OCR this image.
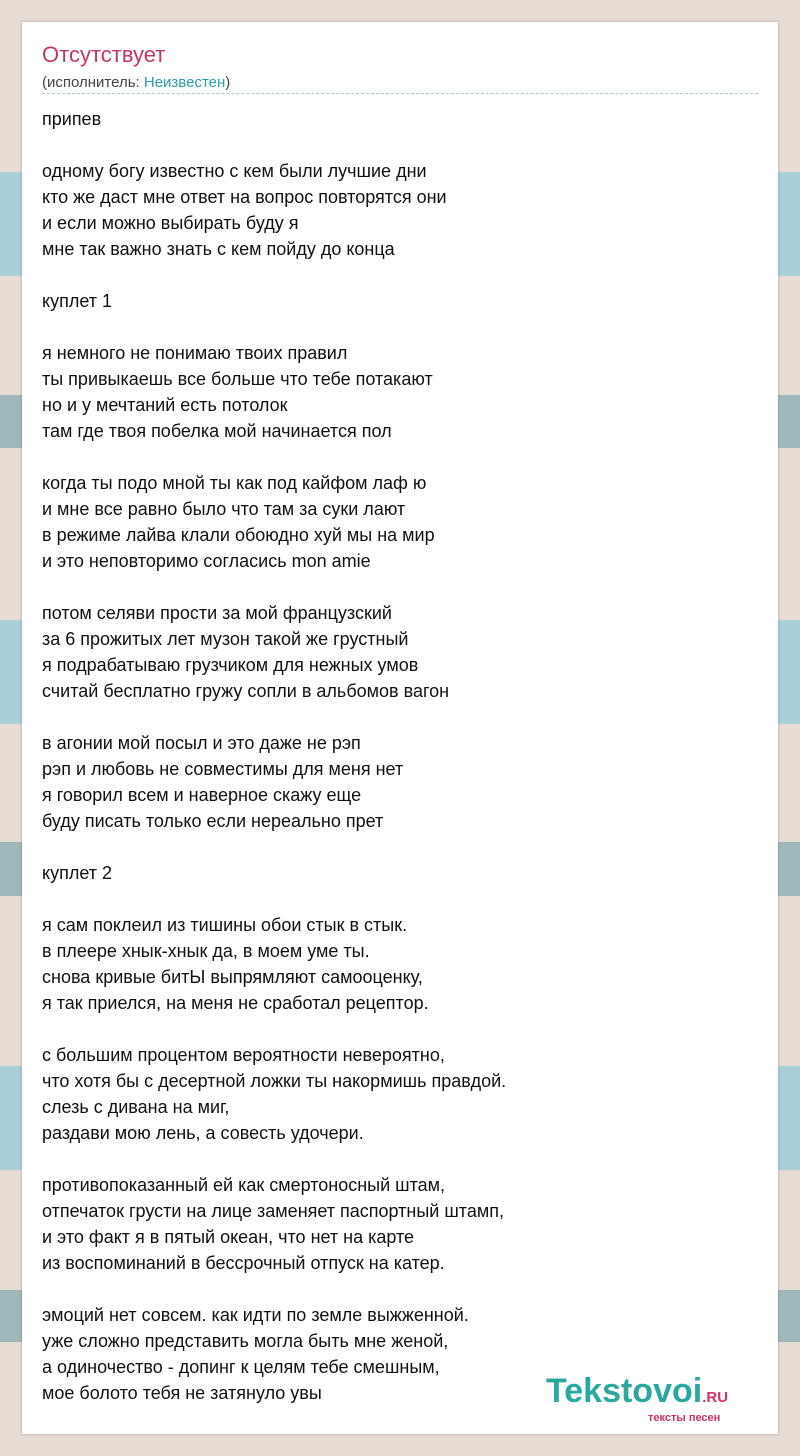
Отсутствует
(исполнитель: Неизвестен)
припев
одному богу известно с кем были лучшие дни
кто же даст мне ответ на вопрос повторятся они
и если можно выбирать буду я
мне так важно знать с кем пойду до конца
куплет 1
я немного не понимаю твоих правил
ты привыкаешь все больше что тебе потакают
но и у мечтаний есть потолок
там где твоя побелка мой начинается пол
когда ты подо мной ты как под кайфом лаф ю
и мне все равно было что там за суки лают
в режиме лайва клали обоюдно хуй мы на мир
и это неповторимо согласись mon amie
потом селяви прости за мой французский
за 6 прожитых лет музон такой же грустный
я подрабатываю грузчиком для нежных умов
считай бесплатно гружу сопли в альбомов вагон
в агонии мой посыл и это даже не рэп
рэп и любовь не совместимы для меня нет
я говорил всем и наверное скажу еще
буду писать только если нереально прет
куплет 2
я сам поклеил из тишины обои стык в стык.
в плеере хнык-хнык да, в моем уме ты.
снова кривые битЫ выпрямляют самооценку,
я так приелся, на меня не сработал рецептор.
с большим процентом вероятности невероятно,
что хотя бы с десертной ложки ты накормишь правдой.
слезь с дивана на миг,
раздави мою лень, а совесть удочери.
противопоказанный ей как смертоносный штам,
отпечаток грусти на лице заменяет паспортный штамп,
и это факт я в пятый океан, что нет на карте
из воспоминаний в бессрочный отпуск на катер.
эмоций нет совсем. как идти по земле выжженной.
уже сложно представить могла быть мне женой,
а одиночество - допинг к целям тебе смешным,
мое болото тебя не затянуло увы	Tekstovoi.RU
тексты песен
